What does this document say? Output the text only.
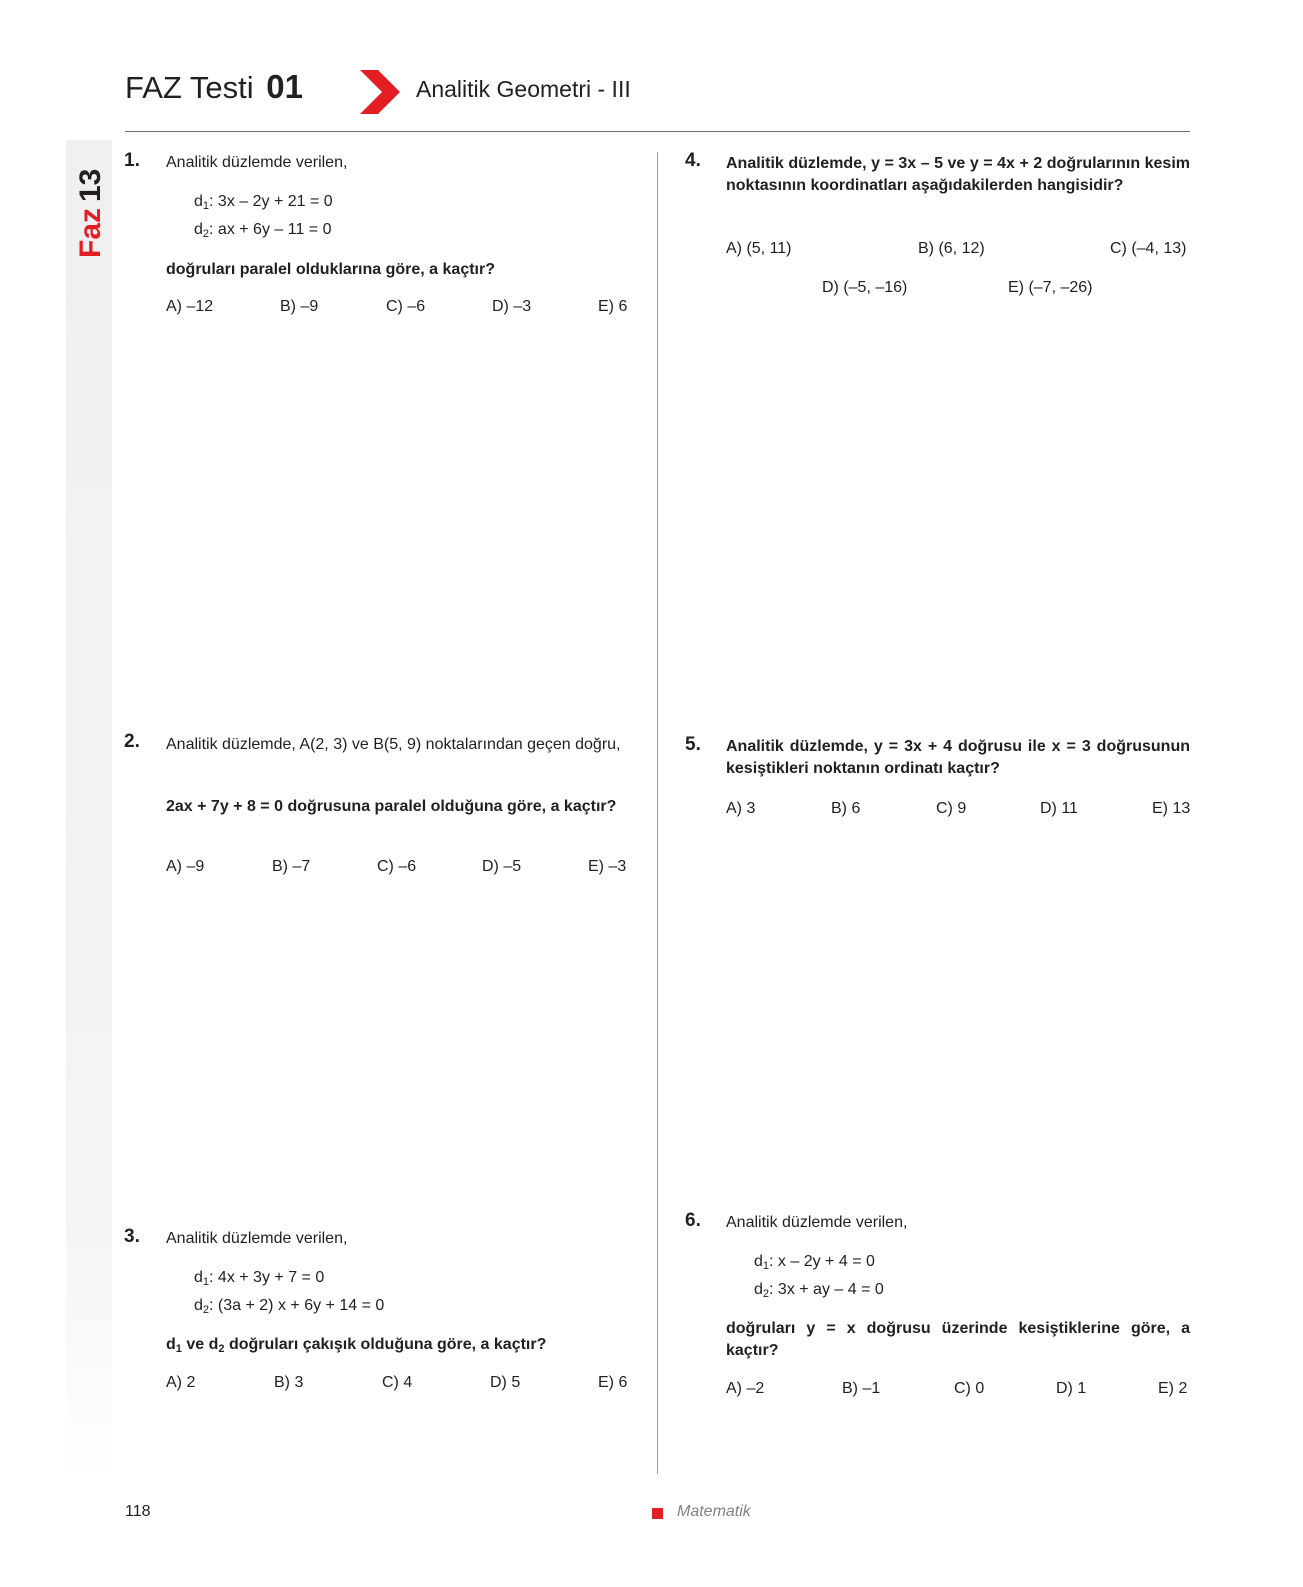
FAZ Testi 01	Analitik Geometri - III
Faz
13
1. Analitik düzlemde verilen,
$d_1$: 3x – 2y + 21 = 0
$d_2$: ax + 6y – 11 = 0
doğruları paralel olduklarına göre, a kaçtır?
A) –12	B) –9	C) –6	D) –3	E) 6
2. Analitik düzlemde, A(2, 3) ve B(5, 9) noktalarından geçen doğru,
2ax + 7y + 8 = 0 doğrusuna paralel olduğuna göre, a kaçtır?
A) –9	B) –7	C) –6	D) –5	E) –3
3. Analitik düzlemde verilen,
$d_1$: 4x + 3y + 7 = 0
$d_2$: (3a + 2) x + 6y + 14 = 0
$d_1$ ve $d_2$ doğruları çakışık olduğuna göre, a kaçtır?
A) 2	B) 3	C) 4	D) 5	E) 6
4. Analitik düzlemde, y = 3x – 5 ve y = 4x + 2 doğrularının kesim noktasının koordinatları aşağıdakilerden hangisidir?
A) (5, 11)	B) (6, 12)	C) (–4, 13)
D) (–5, –16)	E) (–7, –26)
5. Analitik düzlemde, y = 3x + 4 doğrusu ile x = 3 doğrusunun kesiştikleri noktanın ordinatı kaçtır?
A) 3	B) 6	C) 9	D) 11	E) 13
6. Analitik düzlemde verilen,
$d_1$: x – 2y + 4 = 0
$d_2$: 3x + ay – 4 = 0
doğruları y = x doğrusu üzerinde kesiştiklerine göre, a kaçtır?
A) –2	B) –1	C) 0	D) 1	E) 2
118	Matematik
